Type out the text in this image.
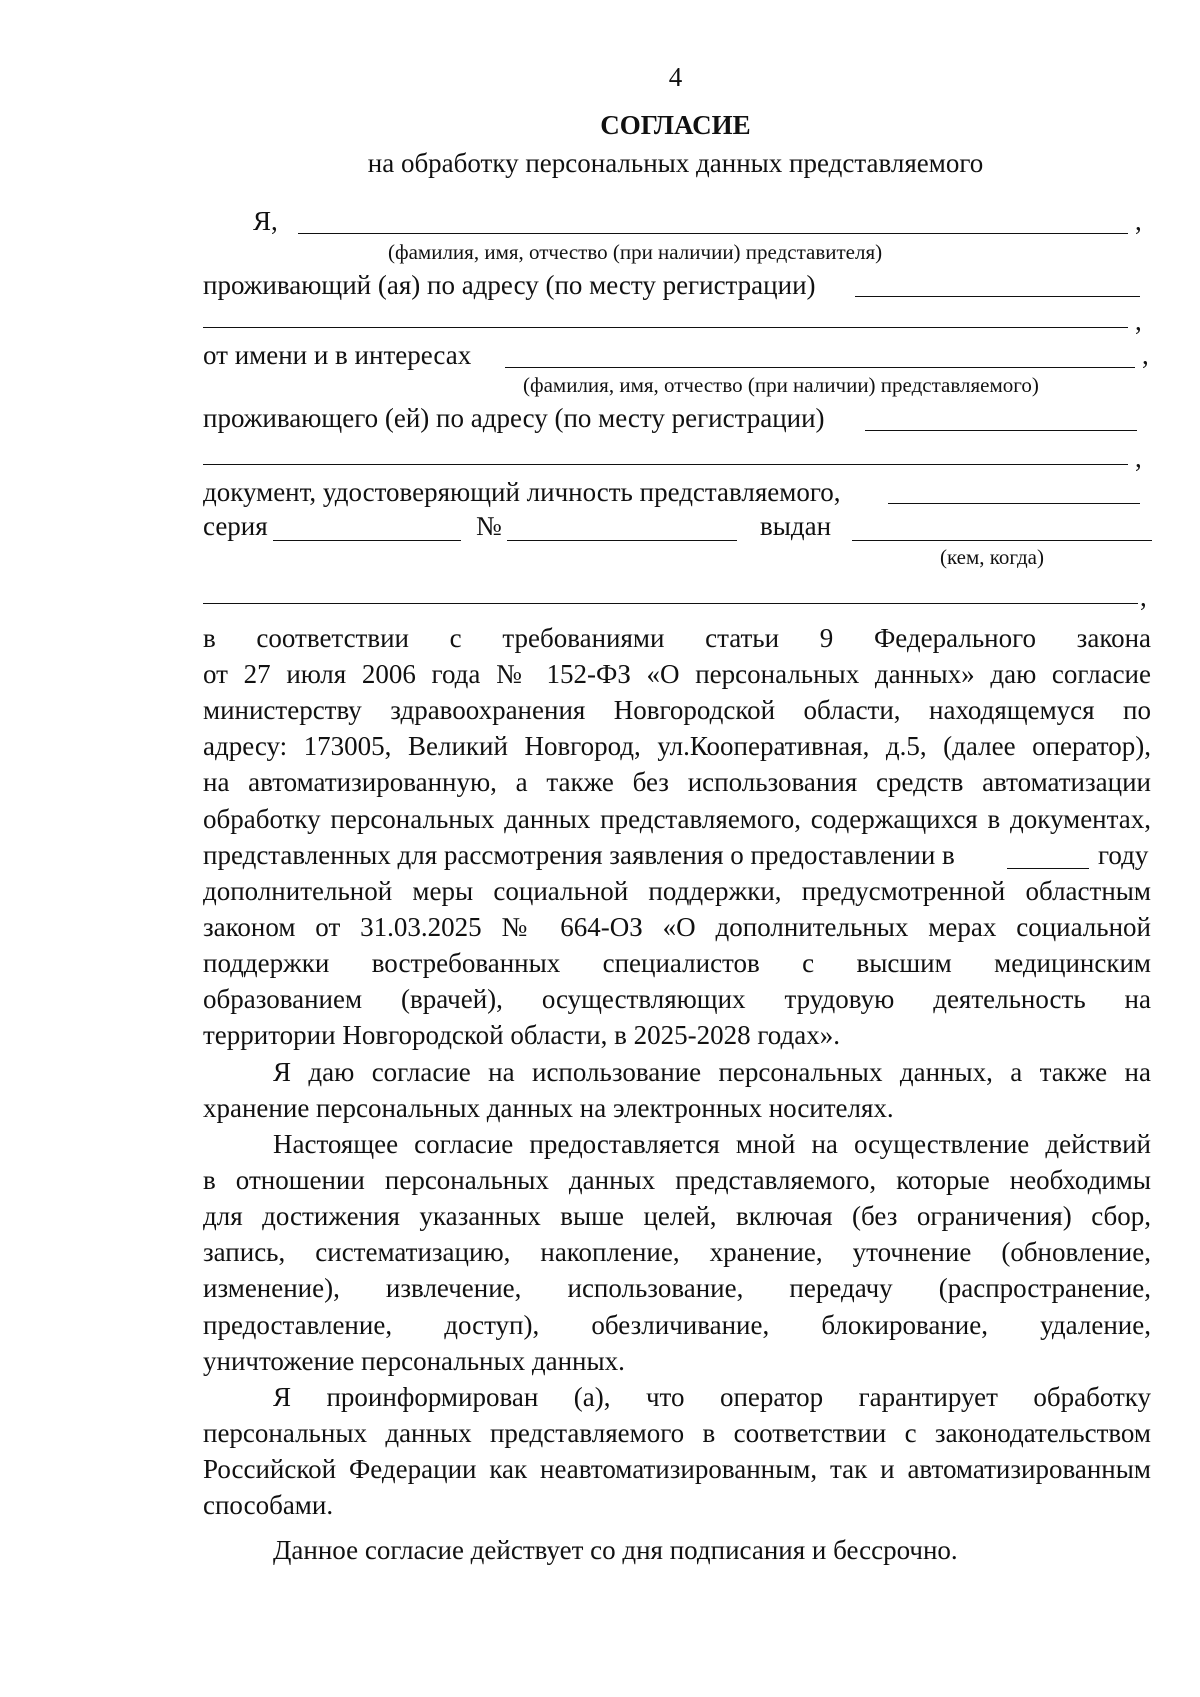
4
СОГЛАСИЕ
на обработку персональных данных представляемого
Я,	,
(фамилия, имя, отчество (при наличии) представителя)
проживающий (ая) по адресу (по месту регистрации)
,
от имени и в интересах	,
(фамилия, имя, отчество (при наличии) представляемого)
проживающего (ей) по адресу (по месту регистрации)
,
документ, удостоверяющий личность представляемого,
серия	№	выдан
(кем, когда)
,
в соответствии с требованиями статьи 9 Федерального закона
от 27 июля 2006 года № 152-ФЗ «О персональных данных» даю согласие
министерству здравоохранения Новгородской области, находящемуся по
адресу: 173005, Великий Новгород, ул.Кооперативная, д.5, (далее оператор),
на автоматизированную, а также без использования средств автоматизации
обработку персональных данных представляемого, содержащихся в документах,
представленных для рассмотрения заявления о предоставлении в	году
дополнительной меры социальной поддержки, предусмотренной областным
законом от 31.03.2025 № 664-ОЗ «О дополнительных мерах социальной
поддержки востребованных специалистов с высшим медицинским
образованием (врачей), осуществляющих трудовую деятельность на
территории Новгородской области, в 2025-2028 годах».
Я даю согласие на использование персональных данных, а также на
хранение персональных данных на электронных носителях.
Настоящее согласие предоставляется мной на осуществление действий
в отношении персональных данных представляемого, которые необходимы
для достижения указанных выше целей, включая (без ограничения) сбор,
запись, систематизацию, накопление, хранение, уточнение (обновление,
изменение), извлечение, использование, передачу (распространение,
предоставление, доступ), обезличивание, блокирование, удаление,
уничтожение персональных данных.
Я проинформирован (а), что оператор гарантирует обработку
персональных данных представляемого в соответствии с законодательством
Российской Федерации как неавтоматизированным, так и автоматизированным
способами.
Данное согласие действует со дня подписания и бессрочно.
